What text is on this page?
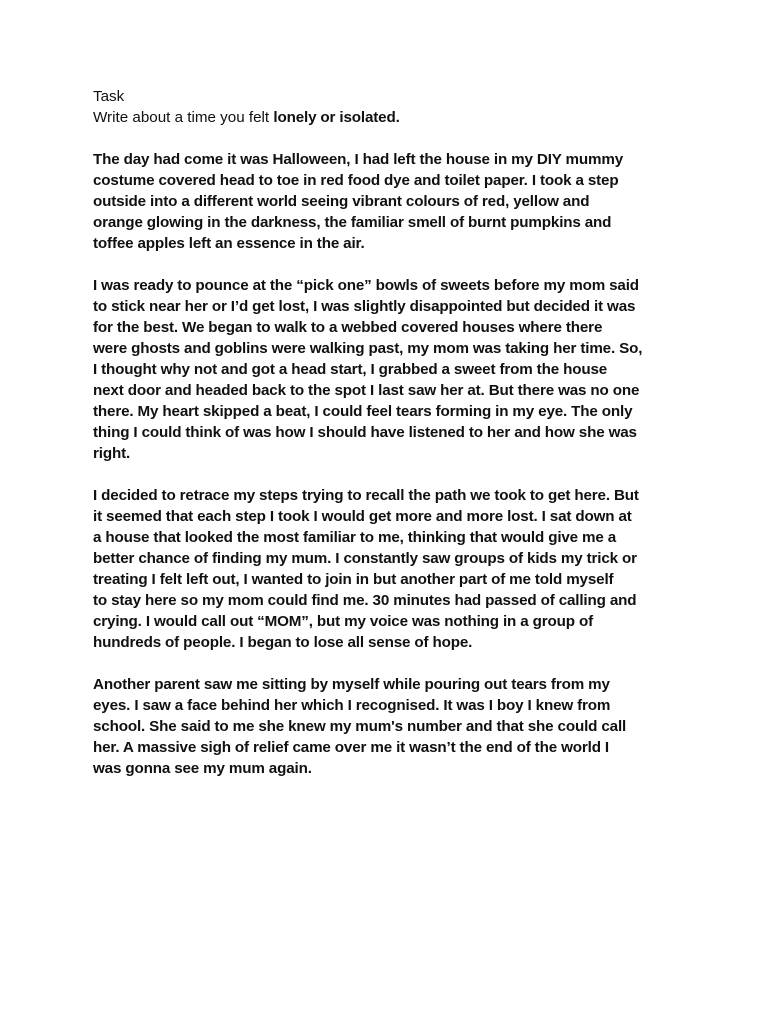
Task
Write about a time you felt lonely or isolated.
The day had come it was Halloween, I had left the house in my DIY mummy
costume covered head to toe in red food dye and toilet paper. I took a step
outside into a different world seeing vibrant colours of red, yellow and
orange glowing in the darkness, the familiar smell of burnt pumpkins and
toffee apples left an essence in the air.
I was ready to pounce at the “pick one” bowls of sweets before my mom said
to stick near her or I’d get lost, I was slightly disappointed but decided it was
for the best. We began to walk to a webbed covered houses where there
were ghosts and goblins were walking past, my mom was taking her time. So,
I thought why not and got a head start, I grabbed a sweet from the house
next door and headed back to the spot I last saw her at. But there was no one
there. My heart skipped a beat, I could feel tears forming in my eye. The only
thing I could think of was how I should have listened to her and how she was
right.
I decided to retrace my steps trying to recall the path we took to get here. But
it seemed that each step I took I would get more and more lost. I sat down at
a house that looked the most familiar to me, thinking that would give me a
better chance of finding my mum. I constantly saw groups of kids my trick or
treating I felt left out, I wanted to join in but another part of me told myself
to stay here so my mom could find me. 30 minutes had passed of calling and
crying. I would call out “MOM”, but my voice was nothing in a group of
hundreds of people. I began to lose all sense of hope.
Another parent saw me sitting by myself while pouring out tears from my
eyes. I saw a face behind her which I recognised. It was I boy I knew from
school. She said to me she knew my mum's number and that she could call
her. A massive sigh of relief came over me it wasn’t the end of the world I
was gonna see my mum again.
